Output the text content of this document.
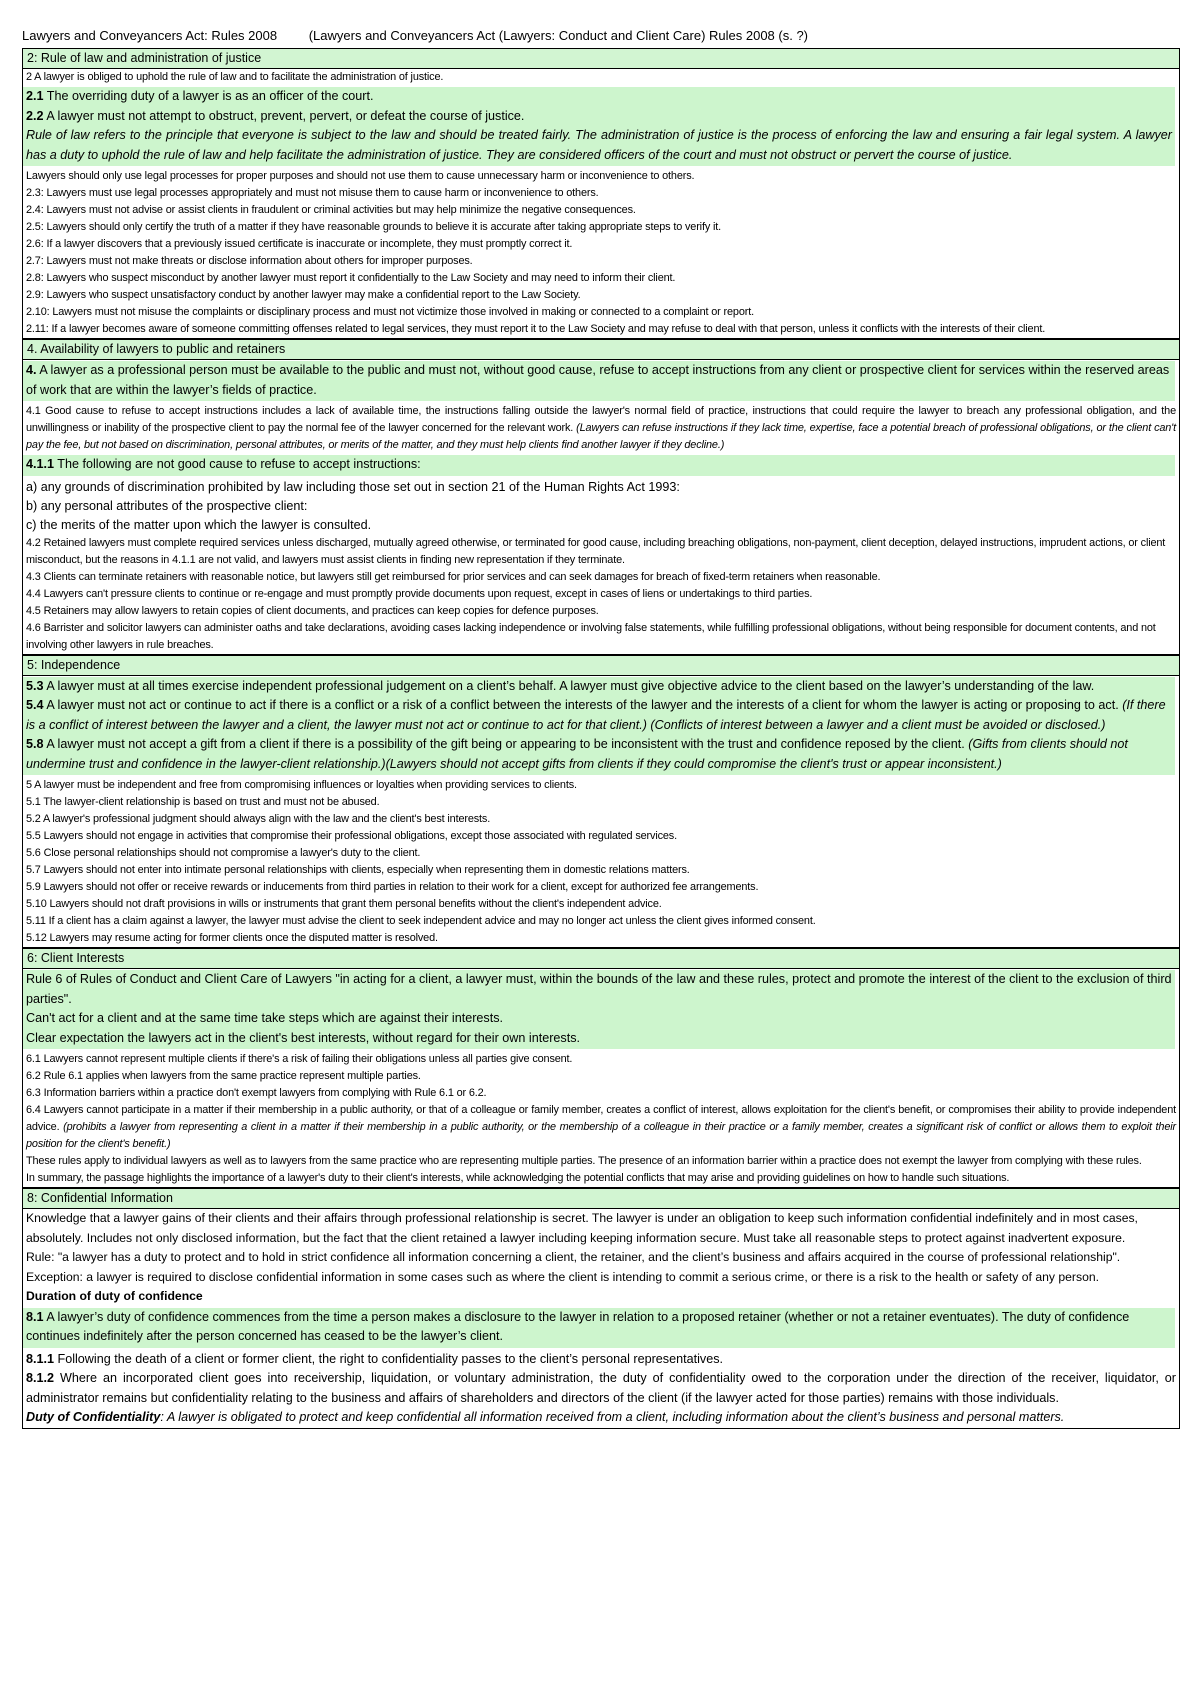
Lawyers and Conveyancers Act: Rules 2008 (Lawyers and Conveyancers Act (Lawyers: Conduct and Client Care) Rules 2008 (s. ?)
2: Rule of law and administration of justice
2 A lawyer is obliged to uphold the rule of law and to facilitate the administration of justice.
2.1 The overriding duty of a lawyer is as an officer of the court.
2.2 A lawyer must not attempt to obstruct, prevent, pervert, or defeat the course of justice.
Rule of law refers to the principle that everyone is subject to the law and should be treated fairly. The administration of justice is the process of enforcing the law and ensuring a fair legal system. A lawyer has a duty to uphold the rule of law and help facilitate the administration of justice. They are considered officers of the court and must not obstruct or pervert the course of justice.
Lawyers should only use legal processes for proper purposes and should not use them to cause unnecessary harm or inconvenience to others.
2.3: Lawyers must use legal processes appropriately and must not misuse them to cause harm or inconvenience to others.
2.4: Lawyers must not advise or assist clients in fraudulent or criminal activities but may help minimize the negative consequences.
2.5: Lawyers should only certify the truth of a matter if they have reasonable grounds to believe it is accurate after taking appropriate steps to verify it.
2.6: If a lawyer discovers that a previously issued certificate is inaccurate or incomplete, they must promptly correct it.
2.7: Lawyers must not make threats or disclose information about others for improper purposes.
2.8: Lawyers who suspect misconduct by another lawyer must report it confidentially to the Law Society and may need to inform their client.
2.9: Lawyers who suspect unsatisfactory conduct by another lawyer may make a confidential report to the Law Society.
2.10: Lawyers must not misuse the complaints or disciplinary process and must not victimize those involved in making or connected to a complaint or report.
2.11: If a lawyer becomes aware of someone committing offenses related to legal services, they must report it to the Law Society and may refuse to deal with that person, unless it conflicts with the interests of their client.
4. Availability of lawyers to public and retainers
4. A lawyer as a professional person must be available to the public and must not, without good cause, refuse to accept instructions from any client or prospective client for services within the reserved areas of work that are within the lawyer’s fields of practice.
4.1 Good cause to refuse to accept instructions includes a lack of available time, the instructions falling outside the lawyer's normal field of practice, instructions that could require the lawyer to breach any professional obligation, and the unwillingness or inability of the prospective client to pay the normal fee of the lawyer concerned for the relevant work. (Lawyers can refuse instructions if they lack time, expertise, face a potential breach of professional obligations, or the client can't pay the fee, but not based on discrimination, personal attributes, or merits of the matter, and they must help clients find another lawyer if they decline.)
4.1.1 The following are not good cause to refuse to accept instructions:
a) any grounds of discrimination prohibited by law including those set out in section 21 of the Human Rights Act 1993:
b) any personal attributes of the prospective client:
c) the merits of the matter upon which the lawyer is consulted.
4.2 Retained lawyers must complete required services unless discharged, mutually agreed otherwise, or terminated for good cause, including breaching obligations, non-payment, client deception, delayed instructions, imprudent actions, or client misconduct, but the reasons in 4.1.1 are not valid, and lawyers must assist clients in finding new representation if they terminate.
4.3 Clients can terminate retainers with reasonable notice, but lawyers still get reimbursed for prior services and can seek damages for breach of fixed-term retainers when reasonable.
4.4 Lawyers can't pressure clients to continue or re-engage and must promptly provide documents upon request, except in cases of liens or undertakings to third parties.
4.5 Retainers may allow lawyers to retain copies of client documents, and practices can keep copies for defence purposes.
4.6 Barrister and solicitor lawyers can administer oaths and take declarations, avoiding cases lacking independence or involving false statements, while fulfilling professional obligations, without being responsible for document contents, and not involving other lawyers in rule breaches.
5: Independence
5.3 A lawyer must at all times exercise independent professional judgement on a client’s behalf. A lawyer must give objective advice to the client based on the lawyer’s understanding of the law.
5.4 A lawyer must not act or continue to act if there is a conflict or a risk of a conflict between the interests of the lawyer and the interests of a client for whom the lawyer is acting or proposing to act. (If there is a conflict of interest between the lawyer and a client, the lawyer must not act or continue to act for that client.) (Conflicts of interest between a lawyer and a client must be avoided or disclosed.)
5.8 A lawyer must not accept a gift from a client if there is a possibility of the gift being or appearing to be inconsistent with the trust and confidence reposed by the client. (Gifts from clients should not undermine trust and confidence in the lawyer-client relationship.)(Lawyers should not accept gifts from clients if they could compromise the client's trust or appear inconsistent.)
5 A lawyer must be independent and free from compromising influences or loyalties when providing services to clients.
5.1 The lawyer-client relationship is based on trust and must not be abused.
5.2 A lawyer's professional judgment should always align with the law and the client's best interests.
5.5 Lawyers should not engage in activities that compromise their professional obligations, except those associated with regulated services.
5.6 Close personal relationships should not compromise a lawyer's duty to the client.
5.7 Lawyers should not enter into intimate personal relationships with clients, especially when representing them in domestic relations matters.
5.9 Lawyers should not offer or receive rewards or inducements from third parties in relation to their work for a client, except for authorized fee arrangements.
5.10 Lawyers should not draft provisions in wills or instruments that grant them personal benefits without the client's independent advice.
5.11 If a client has a claim against a lawyer, the lawyer must advise the client to seek independent advice and may no longer act unless the client gives informed consent.
5.12 Lawyers may resume acting for former clients once the disputed matter is resolved.
6: Client Interests
Rule 6 of Rules of Conduct and Client Care of Lawyers "in acting for a client, a lawyer must, within the bounds of the law and these rules, protect and promote the interest of the client to the exclusion of third parties".
Can't act for a client and at the same time take steps which are against their interests.
Clear expectation the lawyers act in the client's best interests, without regard for their own interests.
6.1 Lawyers cannot represent multiple clients if there's a risk of failing their obligations unless all parties give consent.
6.2 Rule 6.1 applies when lawyers from the same practice represent multiple parties.
6.3 Information barriers within a practice don't exempt lawyers from complying with Rule 6.1 or 6.2.
6.4 Lawyers cannot participate in a matter if their membership in a public authority, or that of a colleague or family member, creates a conflict of interest, allows exploitation for the client's benefit, or compromises their ability to provide independent advice. (prohibits a lawyer from representing a client in a matter if their membership in a public authority, or the membership of a colleague in their practice or a family member, creates a significant risk of conflict or allows them to exploit their position for the client's benefit.)
These rules apply to individual lawyers as well as to lawyers from the same practice who are representing multiple parties. The presence of an information barrier within a practice does not exempt the lawyer from complying with these rules.
In summary, the passage highlights the importance of a lawyer's duty to their client's interests, while acknowledging the potential conflicts that may arise and providing guidelines on how to handle such situations.
8: Confidential Information
Knowledge that a lawyer gains of their clients and their affairs through professional relationship is secret. The lawyer is under an obligation to keep such information confidential indefinitely and in most cases, absolutely. Includes not only disclosed information, but the fact that the client retained a lawyer including keeping information secure. Must take all reasonable steps to protect against inadvertent exposure.
Rule: "a lawyer has a duty to protect and to hold in strict confidence all information concerning a client, the retainer, and the client’s business and affairs acquired in the course of professional relationship". Exception: a lawyer is required to disclose confidential information in some cases such as where the client is intending to commit a serious crime, or there is a risk to the health or safety of any person.
Duration of duty of confidence
8.1 A lawyer’s duty of confidence commences from the time a person makes a disclosure to the lawyer in relation to a proposed retainer (whether or not a retainer eventuates). The duty of confidence continues indefinitely after the person concerned has ceased to be the lawyer’s client.
8.1.1 Following the death of a client or former client, the right to confidentiality passes to the client’s personal representatives.
8.1.2 Where an incorporated client goes into receivership, liquidation, or voluntary administration, the duty of confidentiality owed to the corporation under the direction of the receiver, liquidator, or administrator remains but confidentiality relating to the business and affairs of shareholders and directors of the client (if the lawyer acted for those parties) remains with those individuals.
Duty of Confidentiality: A lawyer is obligated to protect and keep confidential all information received from a client, including information about the client’s business and personal matters.
